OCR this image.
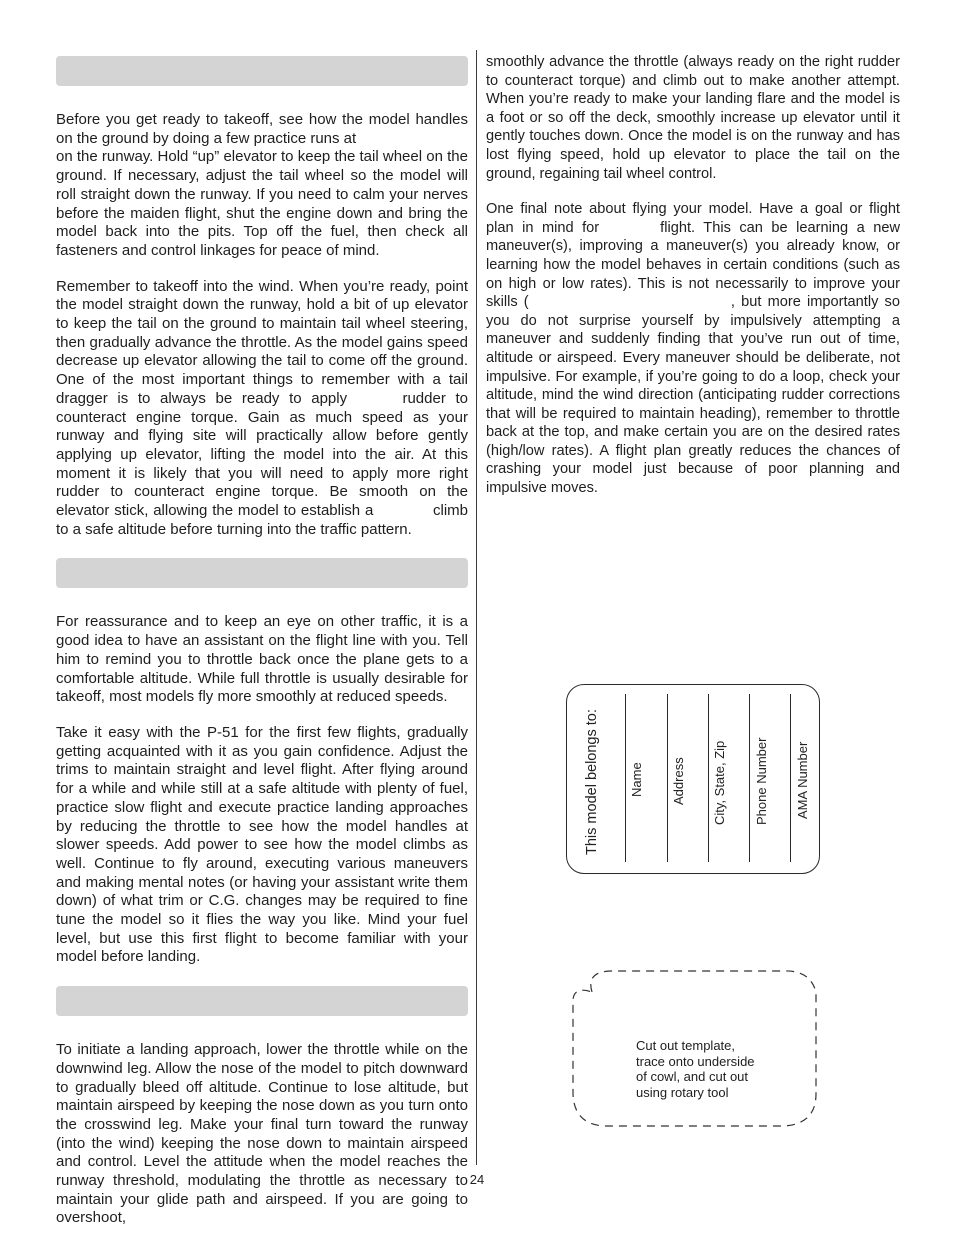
Before you get ready to takeoff, see how the model handles on the ground by doing a few practice runs at
on the runway. Hold “up” elevator to keep the tail wheel on the ground. If necessary, adjust the tail wheel so the model will roll straight down the runway. If you need to calm your nerves before the maiden flight, shut the engine down and bring the model back into the pits. Top off the fuel, then check all fasteners and control linkages for peace of mind.

Remember to takeoff into the wind. When you’re ready, point the model straight down the runway, hold a bit of up elevator to keep the tail on the ground to maintain tail wheel steering, then gradually advance the throttle. As the model gains speed decrease up elevator allowing the tail to come off the ground. One of the most important things to remember with a tail dragger is to always be ready to apply	rudder to counteract engine torque. Gain as much speed as your runway and flying site will practically allow before gently applying up elevator, lifting the model into the air. At this moment it is likely that you will need to apply more right rudder to counteract engine torque. Be smooth on the elevator stick, allowing the model to establish a	climb to a safe altitude before turning into the traffic pattern.

For reassurance and to keep an eye on other traffic, it is a good idea to have an assistant on the flight line with you. Tell him to remind you to throttle back once the plane gets to a comfortable altitude. While full throttle is usually desirable for takeoff, most models fly more smoothly at reduced speeds.

Take it easy with the P-51 for the first few flights, gradually getting acquainted with it as you gain confidence. Adjust the trims to maintain straight and level flight. After flying around for a while and while still at a safe altitude with plenty of fuel, practice slow flight and execute practice landing approaches by reducing the throttle to see how the model handles at slower speeds. Add power to see how the model climbs as well. Continue to fly around, executing various maneuvers and making mental notes (or having your assistant write them down) of what trim or C.G. changes may be required to fine tune the model so it flies the way you like. Mind your fuel level, but use this first flight to become familiar with your model before landing.

To initiate a landing approach, lower the throttle while on the downwind leg. Allow the nose of the model to pitch downward to gradually bleed off altitude. Continue to lose altitude, but maintain airspeed by keeping the nose down as you turn onto the crosswind leg. Make your final turn toward the runway (into the wind) keeping the nose down to maintain airspeed and control. Level the attitude when the model reaches the runway threshold, modulating the throttle as necessary to maintain your glide path and airspeed. If you are going to overshoot,

smoothly advance the throttle (always ready on the right rudder to counteract torque) and climb out to make another attempt. When you’re ready to make your landing flare and the model is a foot or so off the deck, smoothly increase up elevator until it gently touches down. Once the model is on the runway and has lost flying speed, hold up elevator to place the tail on the ground, regaining tail wheel control.

One final note about flying your model. Have a goal or flight plan in mind for	flight. This can be learning a new maneuver(s), improving a maneuver(s) you already know, or learning how the model behaves in certain conditions (such as on high or low rates). This is not necessarily to improve your skills (	, but more importantly so you do not surprise yourself by impulsively attempting a maneuver and suddenly finding that you’ve run out of time, altitude or airspeed. Every maneuver should be deliberate, not impulsive. For example, if you’re going to do a loop, check your altitude, mind the wind direction (anticipating rudder corrections that will be required to maintain heading), remember to throttle back at the top, and make certain you are on the desired rates (high/low rates). A flight plan greatly reduces the chances of crashing your model just because of poor planning and impulsive moves.

This model belongs to: Name Address City, State, Zip Phone Number AMA Number
Cut out template,
trace onto underside
of cowl, and cut out
using rotary tool
24
